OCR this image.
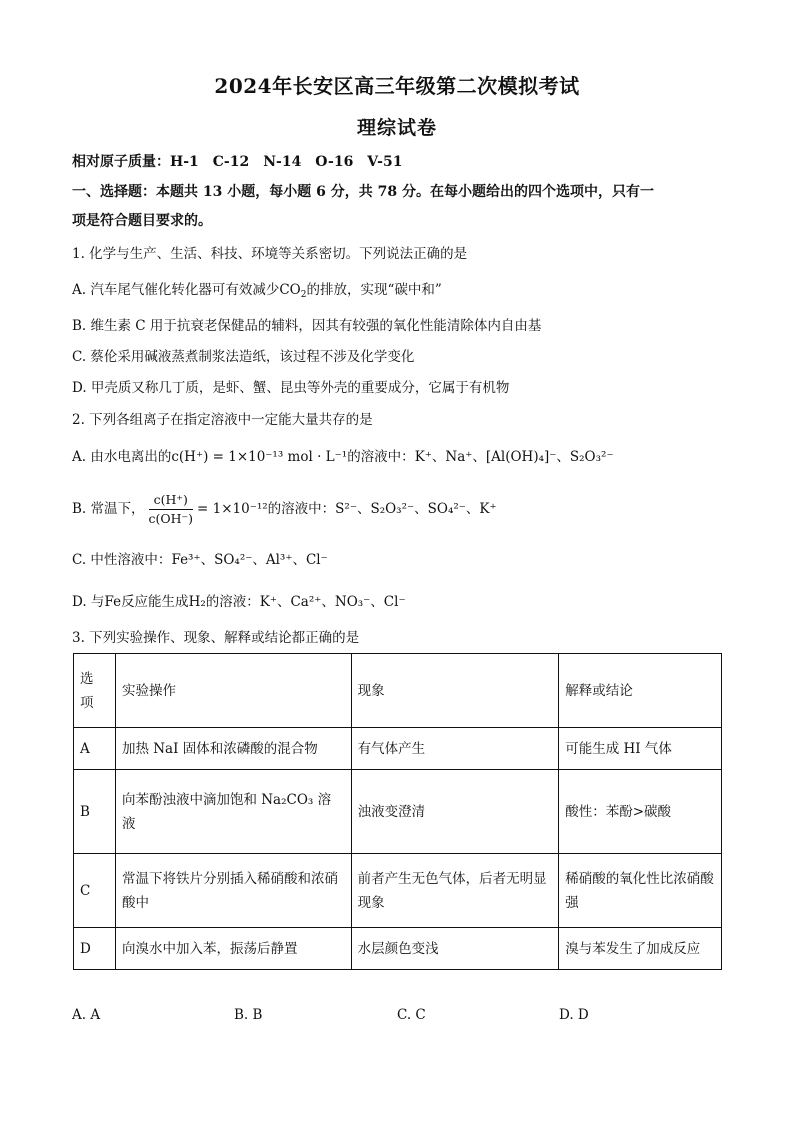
2024年长安区高三年级第二次模拟考试
理综试卷
相对原子质量：H-1　C-12　N-14　O-16　V-51
一、选择题：本题共 13 小题，每小题 6 分，共 78 分。在每小题给出的四个选项中，只有一
项是符合题目要求的。
1. 化学与生产、生活、科技、环境等关系密切。下列说法正确的是
A. 汽车尾气催化转化器可有效减少$CO_2$的排放，实现“碳中和”
B. 维生素 C 用于抗衰老保健品的辅料，因其有较强的氧化性能清除体内自由基
C. 蔡伦采用碱液蒸煮制浆法造纸，该过程不涉及化学变化
D. 甲壳质又称几丁质，是虾、蟹、昆虫等外壳的重要成分，它属于有机物
2. 下列各组离子在指定溶液中一定能大量共存的是
A. 由水电离出的c(H⁺) = 1×10⁻¹³ mol · L⁻¹的溶液中：K⁺、Na⁺、[Al(OH)₄]⁻、S₂O₃²⁻
B. 常温下， $\frac{c(H^+)}{c(OH^-)} = 1\times 10^{-12}$的溶液中：S²⁻、S₂O₃²⁻、SO₄²⁻、K⁺
C. 中性溶液中：Fe³⁺、SO₄²⁻、Al³⁺、Cl⁻
D. 与Fe反应能生成H₂的溶液：K⁺、Ca²⁺、NO₃⁻、Cl⁻
3. 下列实验操作、现象、解释或结论都正确的是
选
项	实验操作	现象	解释或结论
A	加热 NaI 固体和浓磷酸的混合物	有气体产生	可能生成 HI 气体
B	向苯酚浊液中滴加饱和 Na₂CO₃ 溶液	浊液变澄清	酸性：苯酚>碳酸
C	常温下将铁片分别插入稀硝酸和浓硝酸中	前者产生无色气体，后者无明显现象	稀硝酸的氧化性比浓硝酸强
D	向溴水中加入苯，振荡后静置	水层颜色变浅	溴与苯发生了加成反应
A. A	B. B	C. C	D. D
